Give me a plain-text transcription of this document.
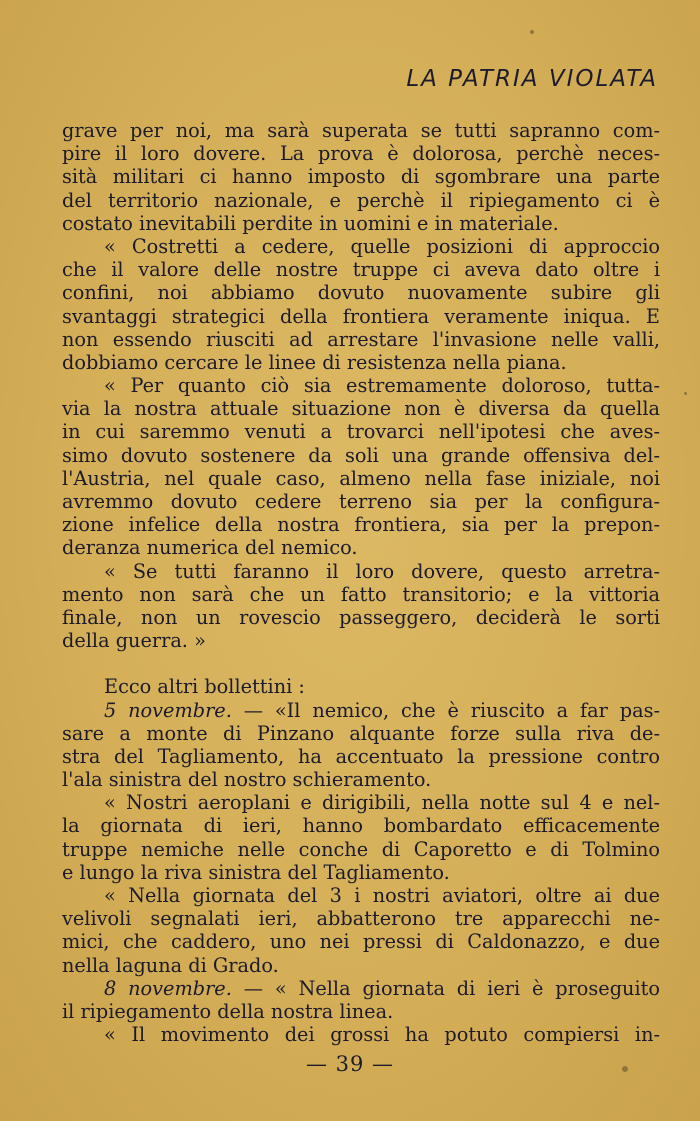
LA PATRIA VIOLATA
grave per noi, ma sarà superata se tutti sapranno com-
pire il loro dovere. La prova è dolorosa, perchè neces-
sità militari ci hanno imposto di sgombrare una parte
del territorio nazionale, e perchè il ripiegamento ci è
costato inevitabili perdite in uomini e in materiale.
« Costretti a cedere, quelle posizioni di approccio
che il valore delle nostre truppe ci aveva dato oltre i
confini, noi abbiamo dovuto nuovamente subire gli
svantaggi strategici della frontiera veramente iniqua. E
non essendo riusciti ad arrestare l'invasione nelle valli,
dobbiamo cercare le linee di resistenza nella piana.
« Per quanto ciò sia estremamente doloroso, tutta-
via la nostra attuale situazione non è diversa da quella
in cui saremmo venuti a trovarci nell'ipotesi che aves-
simo dovuto sostenere da soli una grande offensiva del-
l'Austria, nel quale caso, almeno nella fase iniziale, noi
avremmo dovuto cedere terreno sia per la configura-
zione infelice della nostra frontiera, sia per la prepon-
deranza numerica del nemico.
« Se tutti faranno il loro dovere, questo arretra-
mento non sarà che un fatto transitorio; e la vittoria
finale, non un rovescio passeggero, deciderà le sorti
della guerra. »
Ecco altri bollettini :
5 novembre. — «Il nemico, che è riuscito a far pas-
sare a monte di Pinzano alquante forze sulla riva de-
stra del Tagliamento, ha accentuato la pressione contro
l'ala sinistra del nostro schieramento.
« Nostri aeroplani e dirigibili, nella notte sul 4 e nel-
la giornata di ieri, hanno bombardato efficacemente
truppe nemiche nelle conche di Caporetto e di Tolmino
e lungo la riva sinistra del Tagliamento.
« Nella giornata del 3 i nostri aviatori, oltre ai due
velivoli segnalati ieri, abbatterono tre apparecchi ne-
mici, che caddero, uno nei pressi di Caldonazzo, e due
nella laguna di Grado.
8 novembre. — « Nella giornata di ieri è proseguito
il ripiegamento della nostra linea.
« Il movimento dei grossi ha potuto compiersi in-
— 39 —
